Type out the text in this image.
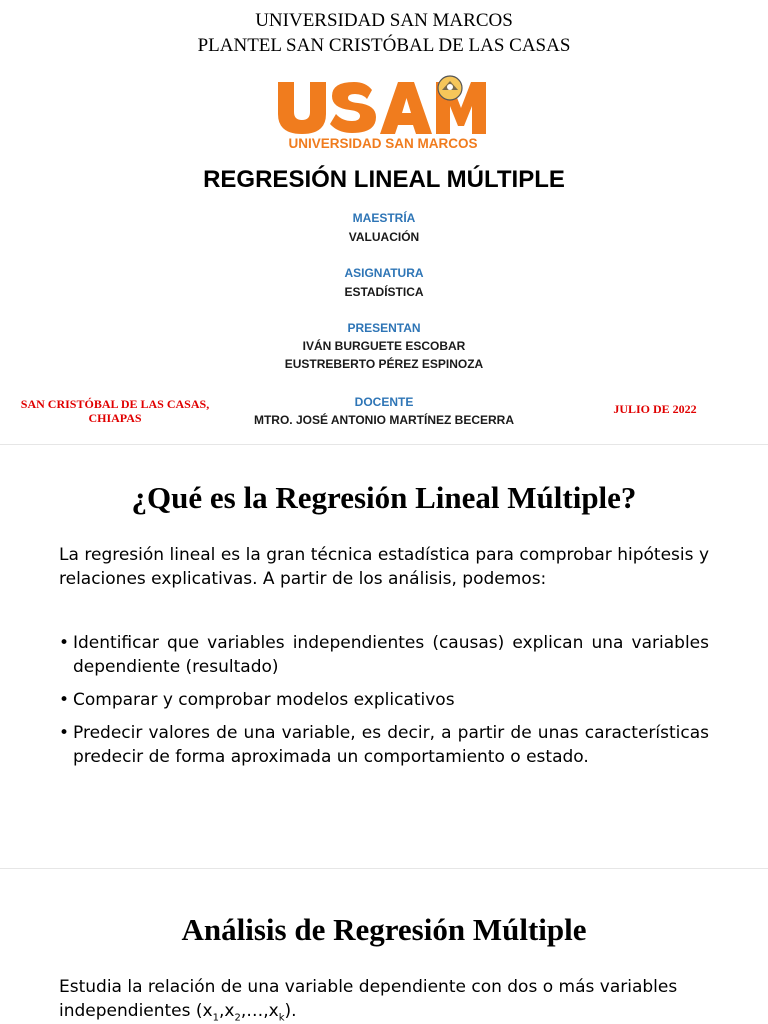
UNIVERSIDAD SAN MARCOS
PLANTEL SAN CRISTÓBAL DE LAS CASAS
UNIVERSIDAD SAN MARCOS
REGRESIÓN LINEAL MÚLTIPLE
MAESTRÍA
VALUACIÓN
ASIGNATURA
ESTADÍSTICA
PRESENTAN
IVÁN BURGUETE ESCOBAR
EUSTREBERTO PÉREZ ESPINOZA
DOCENTE
MTRO. JOSÉ ANTONIO MARTÍNEZ BECERRA
SAN CRISTÓBAL DE LAS CASAS,
CHIAPAS
JULIO DE 2022
¿Qué es la Regresión Lineal Múltiple?

La regresión lineal es la gran técnica estadística para comprobar hipótesis y relaciones explicativas. A partir de los análisis, podemos:

• Identificar que variables independientes (causas) explican una variables dependiente (resultado)
• Comparar y comprobar modelos explicativos
• Predecir valores de una variable, es decir, a partir de unas características predecir de forma aproximada un comportamiento o estado.
Análisis de Regresión Múltiple

Estudia la relación de una variable dependiente con dos o más variables independientes $(x_1,x_2,\dots,x_k)$.
